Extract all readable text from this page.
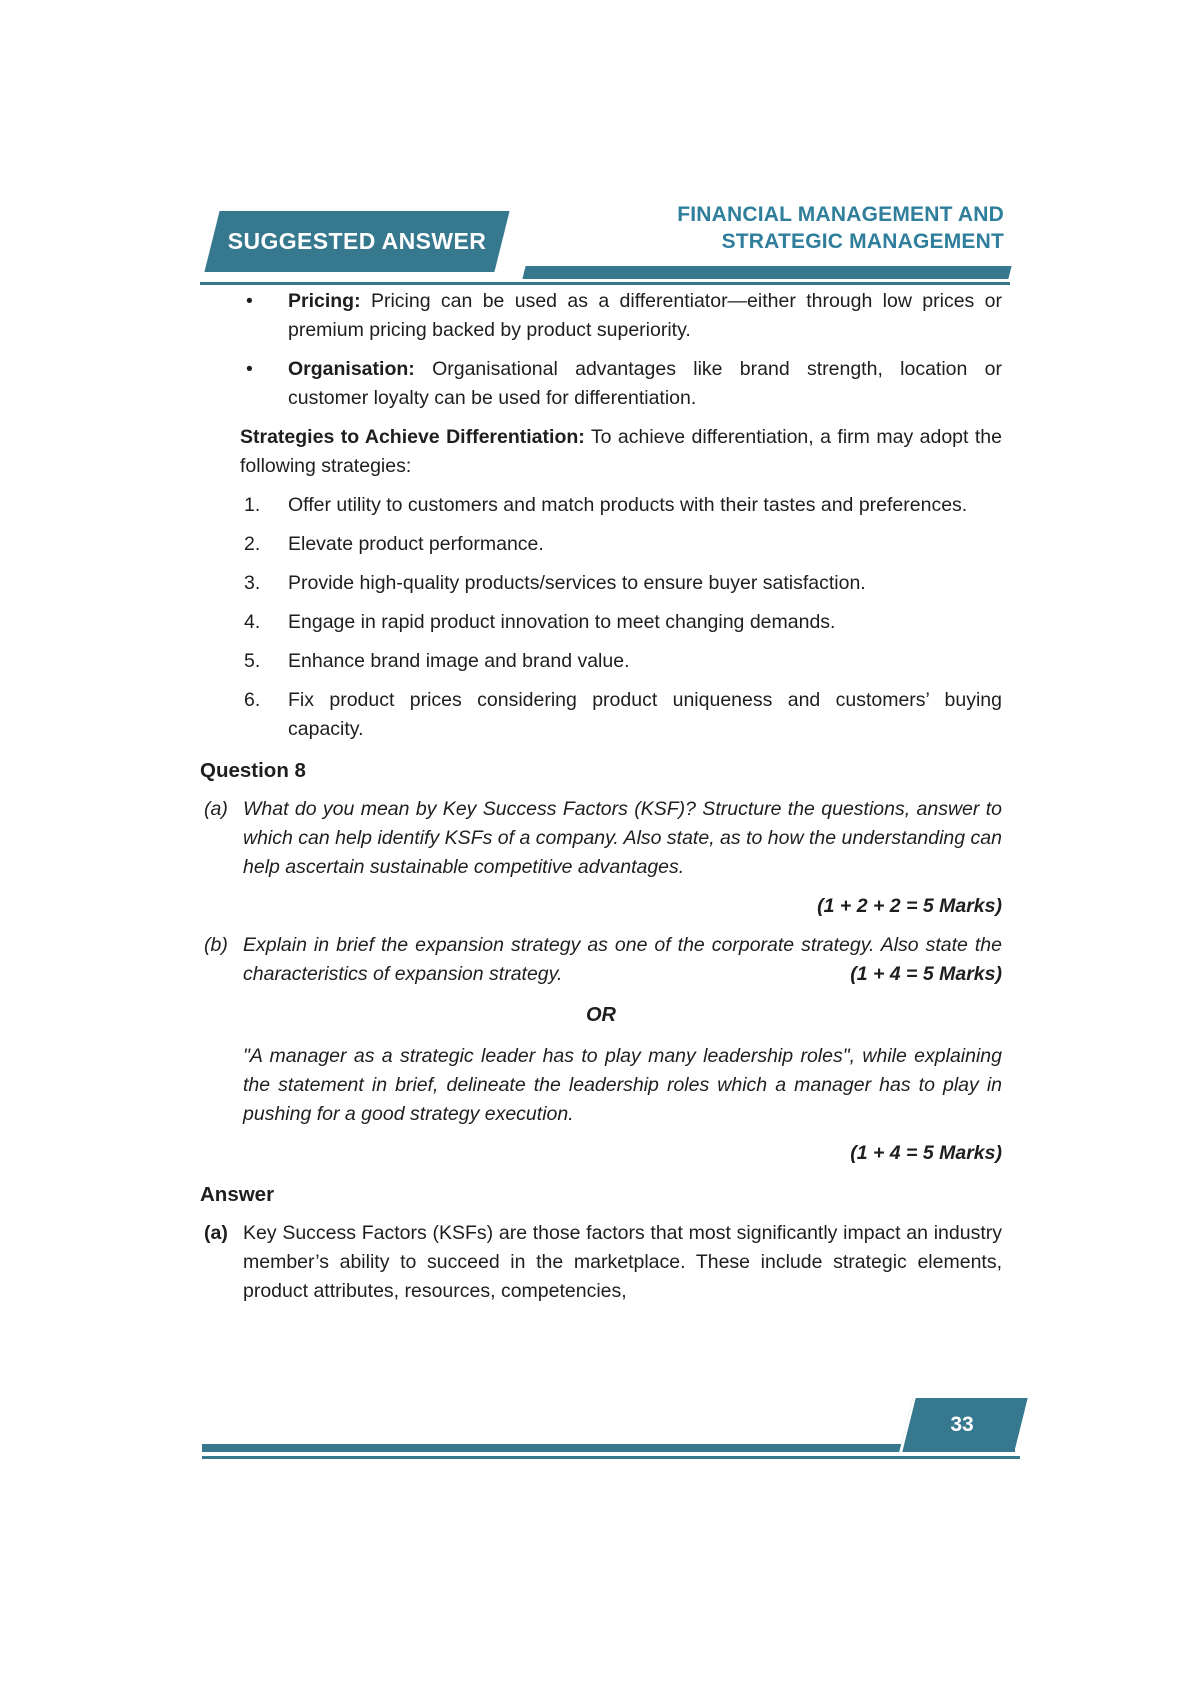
SUGGESTED ANSWER
FINANCIAL MANAGEMENT AND
STRATEGIC MANAGEMENT
• Pricing: Pricing can be used as a differentiator—either through low prices or premium pricing backed by product superiority.
• Organisation: Organisational advantages like brand strength, location or customer loyalty can be used for differentiation.
Strategies to Achieve Differentiation: To achieve differentiation, a firm may adopt the following strategies:
1. Offer utility to customers and match products with their tastes and preferences.
2. Elevate product performance.
3. Provide high-quality products/services to ensure buyer satisfaction.
4. Engage in rapid product innovation to meet changing demands.
5. Enhance brand image and brand value.
6. Fix product prices considering product uniqueness and customers’ buying capacity.
Question 8
(a) What do you mean by Key Success Factors (KSF)? Structure the questions, answer to which can help identify KSFs of a company. Also state, as to how the understanding can help ascertain sustainable competitive advantages.
(1 + 2 + 2 = 5 Marks)
(b) Explain in brief the expansion strategy as one of the corporate strategy. Also state the characteristics of expansion strategy.	(1 + 4 = 5 Marks)
OR
"A manager as a strategic leader has to play many leadership roles", while explaining the statement in brief, delineate the leadership roles which a manager has to play in pushing for a good strategy execution.
(1 + 4 = 5 Marks)
Answer
(a) Key Success Factors (KSFs) are those factors that most significantly impact an industry member’s ability to succeed in the marketplace. These include strategic elements, product attributes, resources, competencies,
33
